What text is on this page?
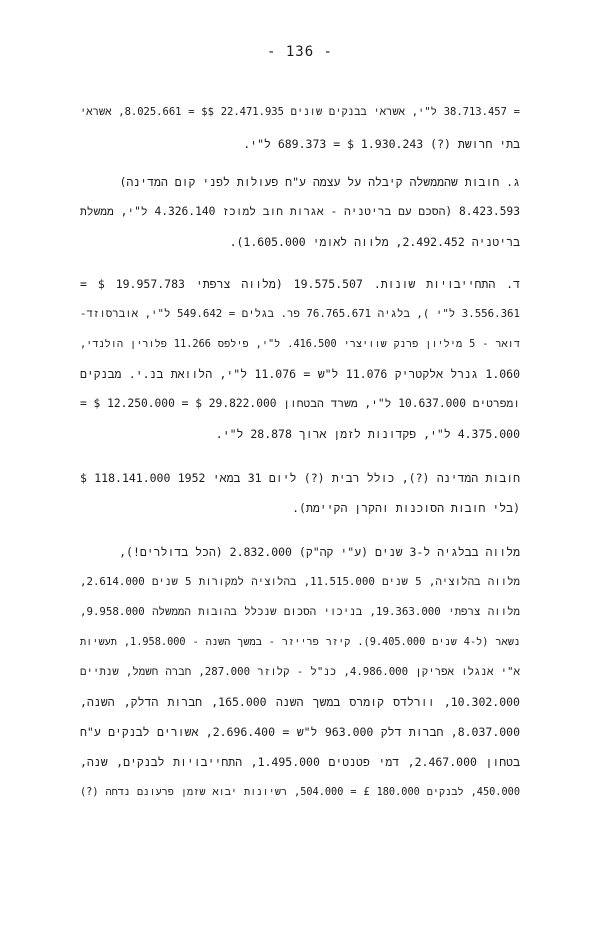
- 136 -
= 38.713.457 ל"י, אשראי בבנקים שונים 22.471.935 $$ = 8.025.661, אשראי
בתי חרושת (?) 1.930.243 $ = 689.373 ל"י.
ג. חובות שהממשלה קיבלה על עצמה ע"ח פעולות לפני קום המדינה)
8.423.593 (הסכם עם בריטניה - אגרות חוב למוכז 4.326.140 ל"י, ממשלת
בריטניה 2.492.452, מלווה לאומי 1.605.000).
ד. התחייבויות שונות. 19.575.507 (מלווה צרפתי 19.957.783 $ =
3.556.361 ל"י ), בלגיה 76.765.671 פר. בגלים = 549.642 ל"י, אוברסוזד-
דואר - 5 מיליון פרנק שוויצרי 416.500. ל"י, פילפס 11.266 פלורין הולנדי,
1.060 גנרל אלקטריק 11.076 ל"ש = 11.076 ל"י, הלוואת בנ.י. מבנקים
ומפרטים 10.637.000 ל"י, משרד הבטחון 29.822.000 $ = 12.250.000 $ =
4.375.000 ל"י, פקדונות לזמן ארוך 28.878 ל"י.
חובות המדינה (?), כולל רבית (?) ליום 31 במאי 1952 118.141.000 $
(בלי חובות הסוכנות והקרן הקיימת).
מלווה בבלגיה ל-3 שנים (ע"י קה"ק) 2.832.000 (הכל בדולרים!),
מלווה בהלוציה, 5 שנים 11.515.000, בהלוציה למקורות 5 שנים 2.614.000,
מלווה צרפתי 19.363.000, בניכוי הסכום שנכלל בהובות הממשלה 9.958.000,
נשאר (ל-4 שנים 9.405.000). קיזר פרייזר - במשך השנה - 1.958.000, תעשיות
א"י אנגלו אפריקן 4.986.000, כנ"ל - קלוזר 287.000, חברה חשמל, שנתיים
10.302.000, וורלדס קומרס במשך השנה 165.000, חברות הדלק, השנה,
8.037.000, חברות דלק 963.000 ל"ש = 2.696.400, אשורים לבנקים ע"ח
בטחון 2.467.000, דמי פטנטים 1.495.000, התחייבויות לבנקים, שנה,
450.000, לבנקים 180.000 £ = 504.000, רשיונות יבוא שזמן פרעונם נדחה (?)
